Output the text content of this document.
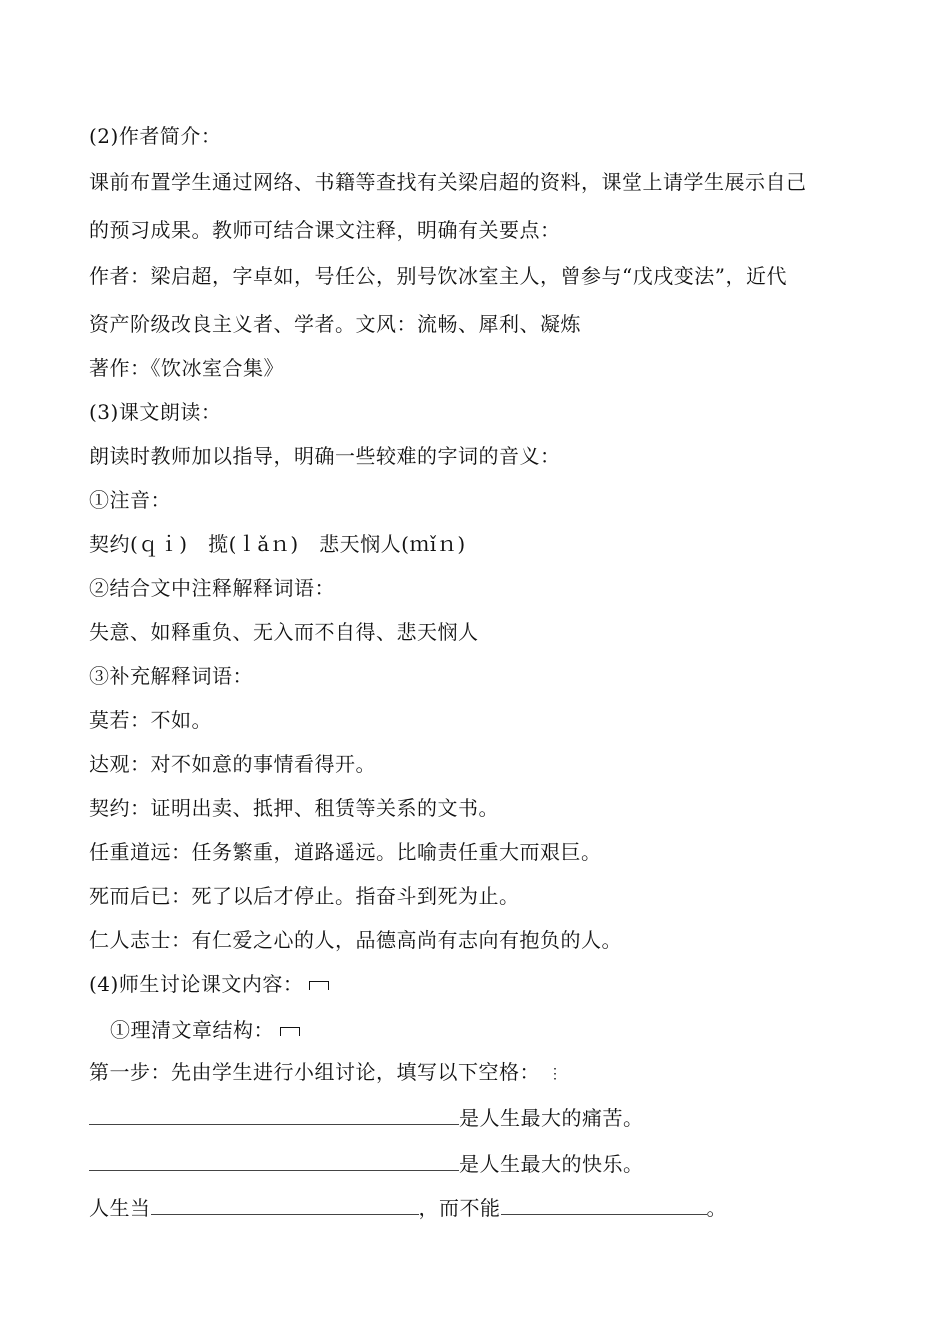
(2)作者简介：
课前布置学生通过网络、书籍等查找有关梁启超的资料，课堂上请学生展示自己
的预习成果。教师可结合课文注释，明确有关要点：
作者：梁启超，字卓如，号任公，别号饮冰室主人，曾参与“戊戌变法”，近代
资产阶级改良主义者、学者。文风：流畅、犀利、凝炼
著作：《饮冰室合集》
(3)课文朗读：
朗读时教师加以指导，明确一些较难的字词的音义：
①注音：
契约(ｑｉ)　揽(ｌǎｎ)　悲天悯人(ｍǐｎ)
②结合文中注释解释词语：
失意、如释重负、无入而不自得、悲天悯人
③补充解释词语：
莫若：不如。
达观：对不如意的事情看得开。
契约：证明出卖、抵押、租赁等关系的文书。
任重道远：任务繁重，道路遥远。比喻责任重大而艰巨。
死而后已：死了以后才停止。指奋斗到死为止。
仁人志士：有仁爱之心的人，品德高尚有志向有抱负的人。
(4)师生讨论课文内容：
①理清文章结构：
第一步：先由学生进行小组讨论，填写以下空格： ⋮
是人生最大的痛苦。
是人生最大的快乐。
人生当	，而不能	。
